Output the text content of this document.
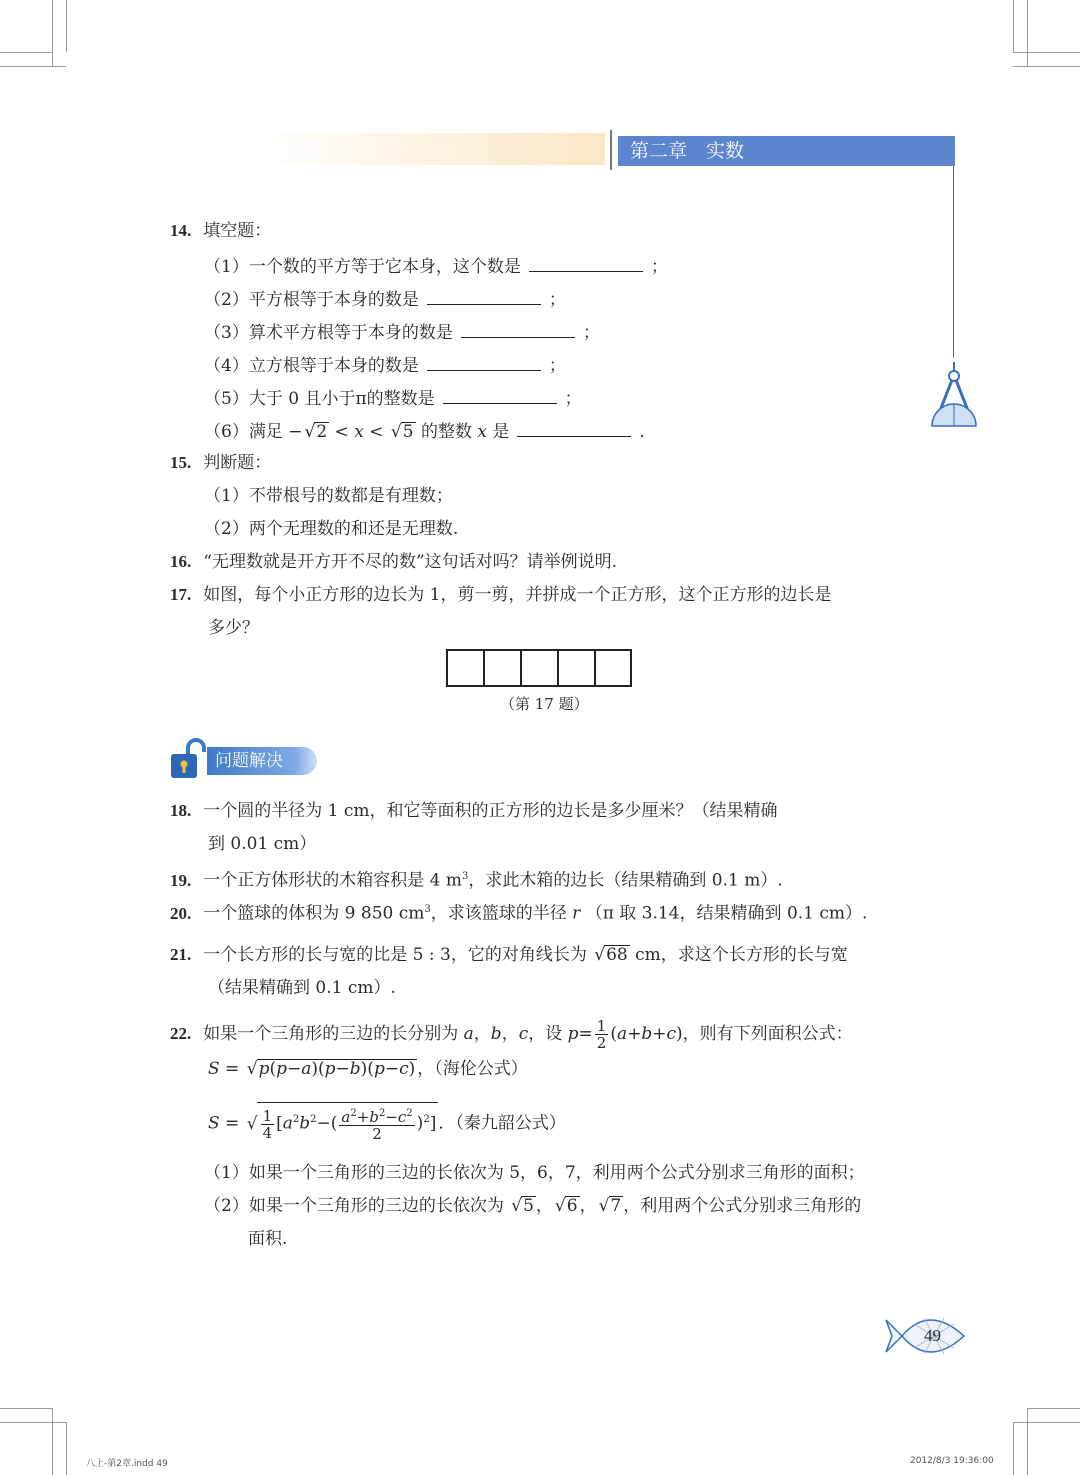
第二章　实数
14. 填空题：
（1）一个数的平方等于它本身，这个数是	；
（2）平方根等于本身的数是	；
（3）算术平方根等于本身的数是	；
（4）立方根等于本身的数是	；
（5）大于 0 且小于π的整数是	；
（6）满足 − √ 2 < x < √ 5 的整数 x 是	.
15. 判断题：
（1）不带根号的数都是有理数；
（2）两个无理数的和还是无理数.
16. “无理数就是开方开不尽的数”这句话对吗？请举例说明.
17. 如图，每个小正方形的边长为 1，剪一剪，并拼成一个正方形，这个正方形的边长是
多少？
（第 17 题）
问题解决
18. 一个圆的半径为 1 cm，和它等面积的正方形的边长是多少厘米？（结果精确
到 0.01 cm）
19. 一个正方体形状的木箱容积是 4 $m^3$，求此木箱的边长（结果精确到 0.1 m）.
20. 一个篮球的体积为 9 850 $cm^3$，求该篮球的半径 r （π 取 3.14，结果精确到 0.1 cm）.
21. 一个长方形的长与宽的比是 5 : 3，它的对角线长为 √ 68 cm，求这个长方形的长与宽
（结果精确到 0.1 cm）.
22. 如果一个三角形的三边的长分别为 a，b，c，设 $p= \frac{1}{2} (a+b+c)$，则有下列面积公式：
S = √ p(p−a)(p−b)(p−c) ，（海伦公式）
S = √ $\frac{1}{4} [a^2b^2-( \frac{a^2+b^2-c^2}{2} )^2]$ ．（秦九韶公式）
（1）如果一个三角形的三边的长依次为 5，6，7，利用两个公式分别求三角形的面积；
（2）如果一个三角形的三边的长依次为 √ 5 ， √ 6 ， √ 7 ，利用两个公式分别求三角形的
面积.
49
八上-第2章.indd 49	2012/8/3 19:36:00
